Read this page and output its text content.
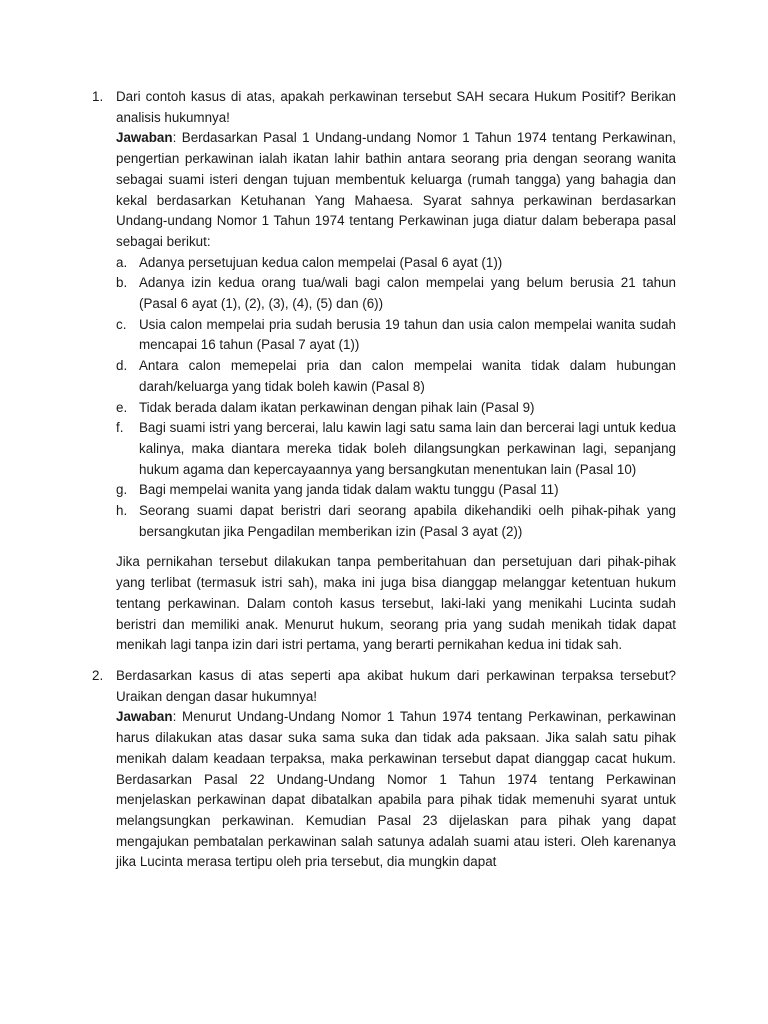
1. Dari contoh kasus di atas, apakah perkawinan tersebut SAH secara Hukum Positif? Berikan analisis hukumnya!

Jawaban: Berdasarkan Pasal 1 Undang-undang Nomor 1 Tahun 1974 tentang Perkawinan, pengertian perkawinan ialah ikatan lahir bathin antara seorang pria dengan seorang wanita sebagai suami isteri dengan tujuan membentuk keluarga (rumah tangga) yang bahagia dan kekal berdasarkan Ketuhanan Yang Mahaesa. Syarat sahnya perkawinan berdasarkan Undang-undang Nomor 1 Tahun 1974 tentang Perkawinan juga diatur dalam beberapa pasal sebagai berikut:

a. Adanya persetujuan kedua calon mempelai (Pasal 6 ayat (1))
b. Adanya izin kedua orang tua/wali bagi calon mempelai yang belum berusia 21 tahun (Pasal 6 ayat (1), (2), (3), (4), (5) dan (6))
c. Usia calon mempelai pria sudah berusia 19 tahun dan usia calon mempelai wanita sudah mencapai 16 tahun (Pasal 7 ayat (1))
d. Antara calon memepelai pria dan calon mempelai wanita tidak dalam hubungan darah/keluarga yang tidak boleh kawin (Pasal 8)
e. Tidak berada dalam ikatan perkawinan dengan pihak lain (Pasal 9)
f. Bagi suami istri yang bercerai, lalu kawin lagi satu sama lain dan bercerai lagi untuk kedua kalinya, maka diantara mereka tidak boleh dilangsungkan perkawinan lagi, sepanjang hukum agama dan kepercayaannya yang bersangkutan menentukan lain (Pasal 10)
g. Bagi mempelai wanita yang janda tidak dalam waktu tunggu (Pasal 11)
h. Seorang suami dapat beristri dari seorang apabila dikehandiki oelh pihak-pihak yang bersangkutan jika Pengadilan memberikan izin (Pasal 3 ayat (2))

Jika pernikahan tersebut dilakukan tanpa pemberitahuan dan persetujuan dari pihak-pihak yang terlibat (termasuk istri sah), maka ini juga bisa dianggap melanggar ketentuan hukum tentang perkawinan. Dalam contoh kasus tersebut, laki-laki yang menikahi Lucinta sudah beristri dan memiliki anak. Menurut hukum, seorang pria yang sudah menikah tidak dapat menikah lagi tanpa izin dari istri pertama, yang berarti pernikahan kedua ini tidak sah.

2. Berdasarkan kasus di atas seperti apa akibat hukum dari perkawinan terpaksa tersebut? Uraikan dengan dasar hukumnya!

Jawaban: Menurut Undang-Undang Nomor 1 Tahun 1974 tentang Perkawinan, perkawinan harus dilakukan atas dasar suka sama suka dan tidak ada paksaan. Jika salah satu pihak menikah dalam keadaan terpaksa, maka perkawinan tersebut dapat dianggap cacat hukum. Berdasarkan Pasal 22 Undang-Undang Nomor 1 Tahun 1974 tentang Perkawinan menjelaskan perkawinan dapat dibatalkan apabila para pihak tidak memenuhi syarat untuk melangsungkan perkawinan. Kemudian Pasal 23 dijelaskan para pihak yang dapat mengajukan pembatalan perkawinan salah satunya adalah suami atau isteri. Oleh karenanya jika Lucinta merasa tertipu oleh pria tersebut, dia mungkin dapat
